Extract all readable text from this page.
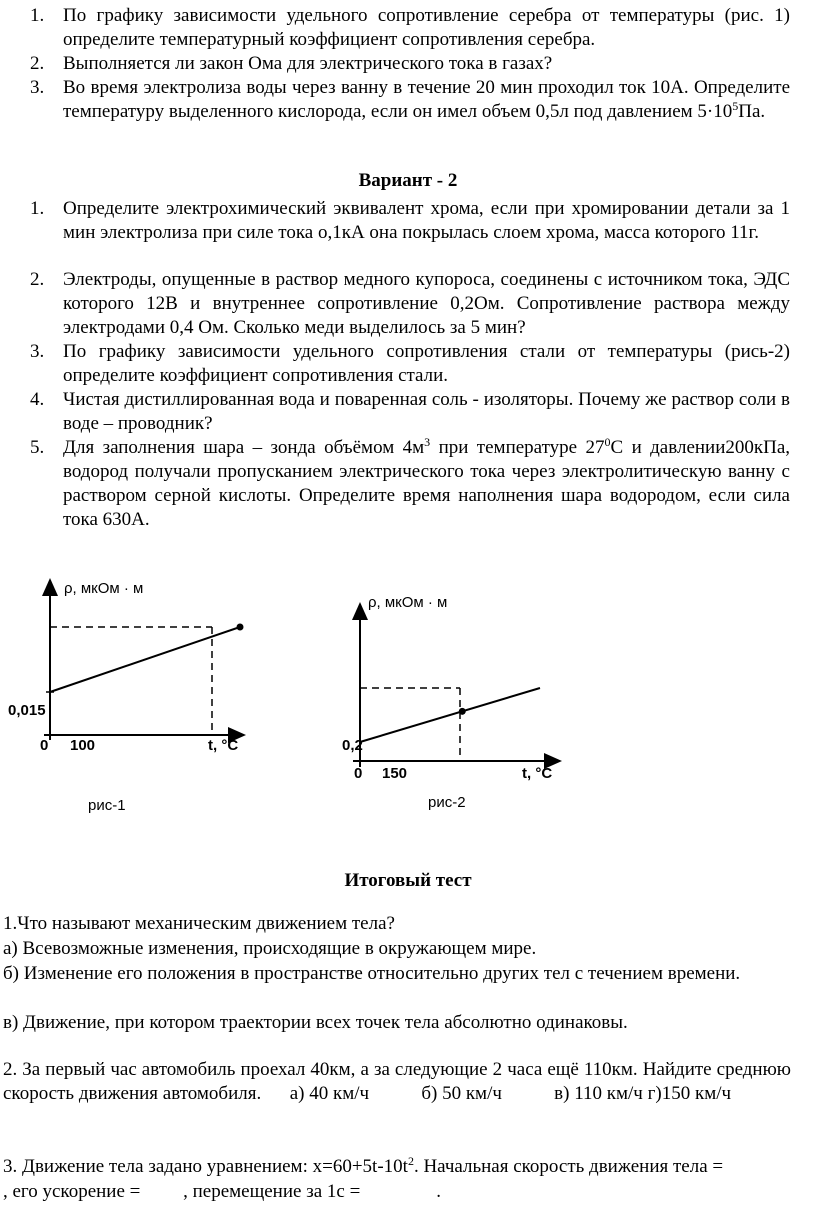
1. По графику зависимости удельного сопротивление серебра от температуры (рис. 1) определите температурный коэффициент сопротивления серебра.
2. Выполняется ли закон Ома для электрического тока в газах?
3. Во время электролиза воды через ванну в течение 20 мин проходил ток 10А. Определите температуру выделенного кислорода, если он имел объем 0,5л под давлением $5\cdot 10^5Па$.
Вариант - 2
1. Определите электрохимический эквивалент хрома, если при хромировании детали за 1 мин электролиза при силе тока о,1кА она покрылась слоем хрома, масса которого 11г.
2. Электроды, опущенные в раствор медного купороса, соединены с источником тока, ЭДС которого 12В и внутреннее сопротивление 0,2Ом. Сопротивление раствора между электродами 0,4 Ом. Сколько меди выделилось за 5 мин?
3. По графику зависимости удельного сопротивления стали от температуры (рись-2) определите коэффициент сопротивления стали.
4. Чистая дистиллированная вода и поваренная соль - изоляторы. Почему же раствор соли в воде – проводник?
5. Для заполнения шара – зонда объёмом $4м^3$ при температуре $27^0С$ и давлении200кПа, водород получали пропусканием электрического тока через электролитическую ванну с раствором серной кислоты. Определите время наполнения шара водородом, если сила тока 630А.
ρ, мкОм · м
0,015
0 100	t, °C
рис-1
ρ, мкОм · м
0,2
0 150	t, °C
рис-2
Итоговый тест
1.Что называют механическим движением тела?
а) Всевозможные изменения, происходящие в окружающем мире.
б) Изменение его положения в пространстве относительно других тел с течением времени.
в) Движение, при котором траектории всех точек тела абсолютно одинаковы.
2. За первый час автомобиль проехал 40км, а за следующие 2 часа ещё 110км. Найдите среднюю скорость движения автомобиля. а) 40 км/ч	б) 50 км/ч	в) 110 км/ч г)150 км/ч
3. Движение тела задано уравнением: $х=60+5t-10t^2$. Начальная скорость движения тела =
, его ускорение = , перемещение за 1с =	.
